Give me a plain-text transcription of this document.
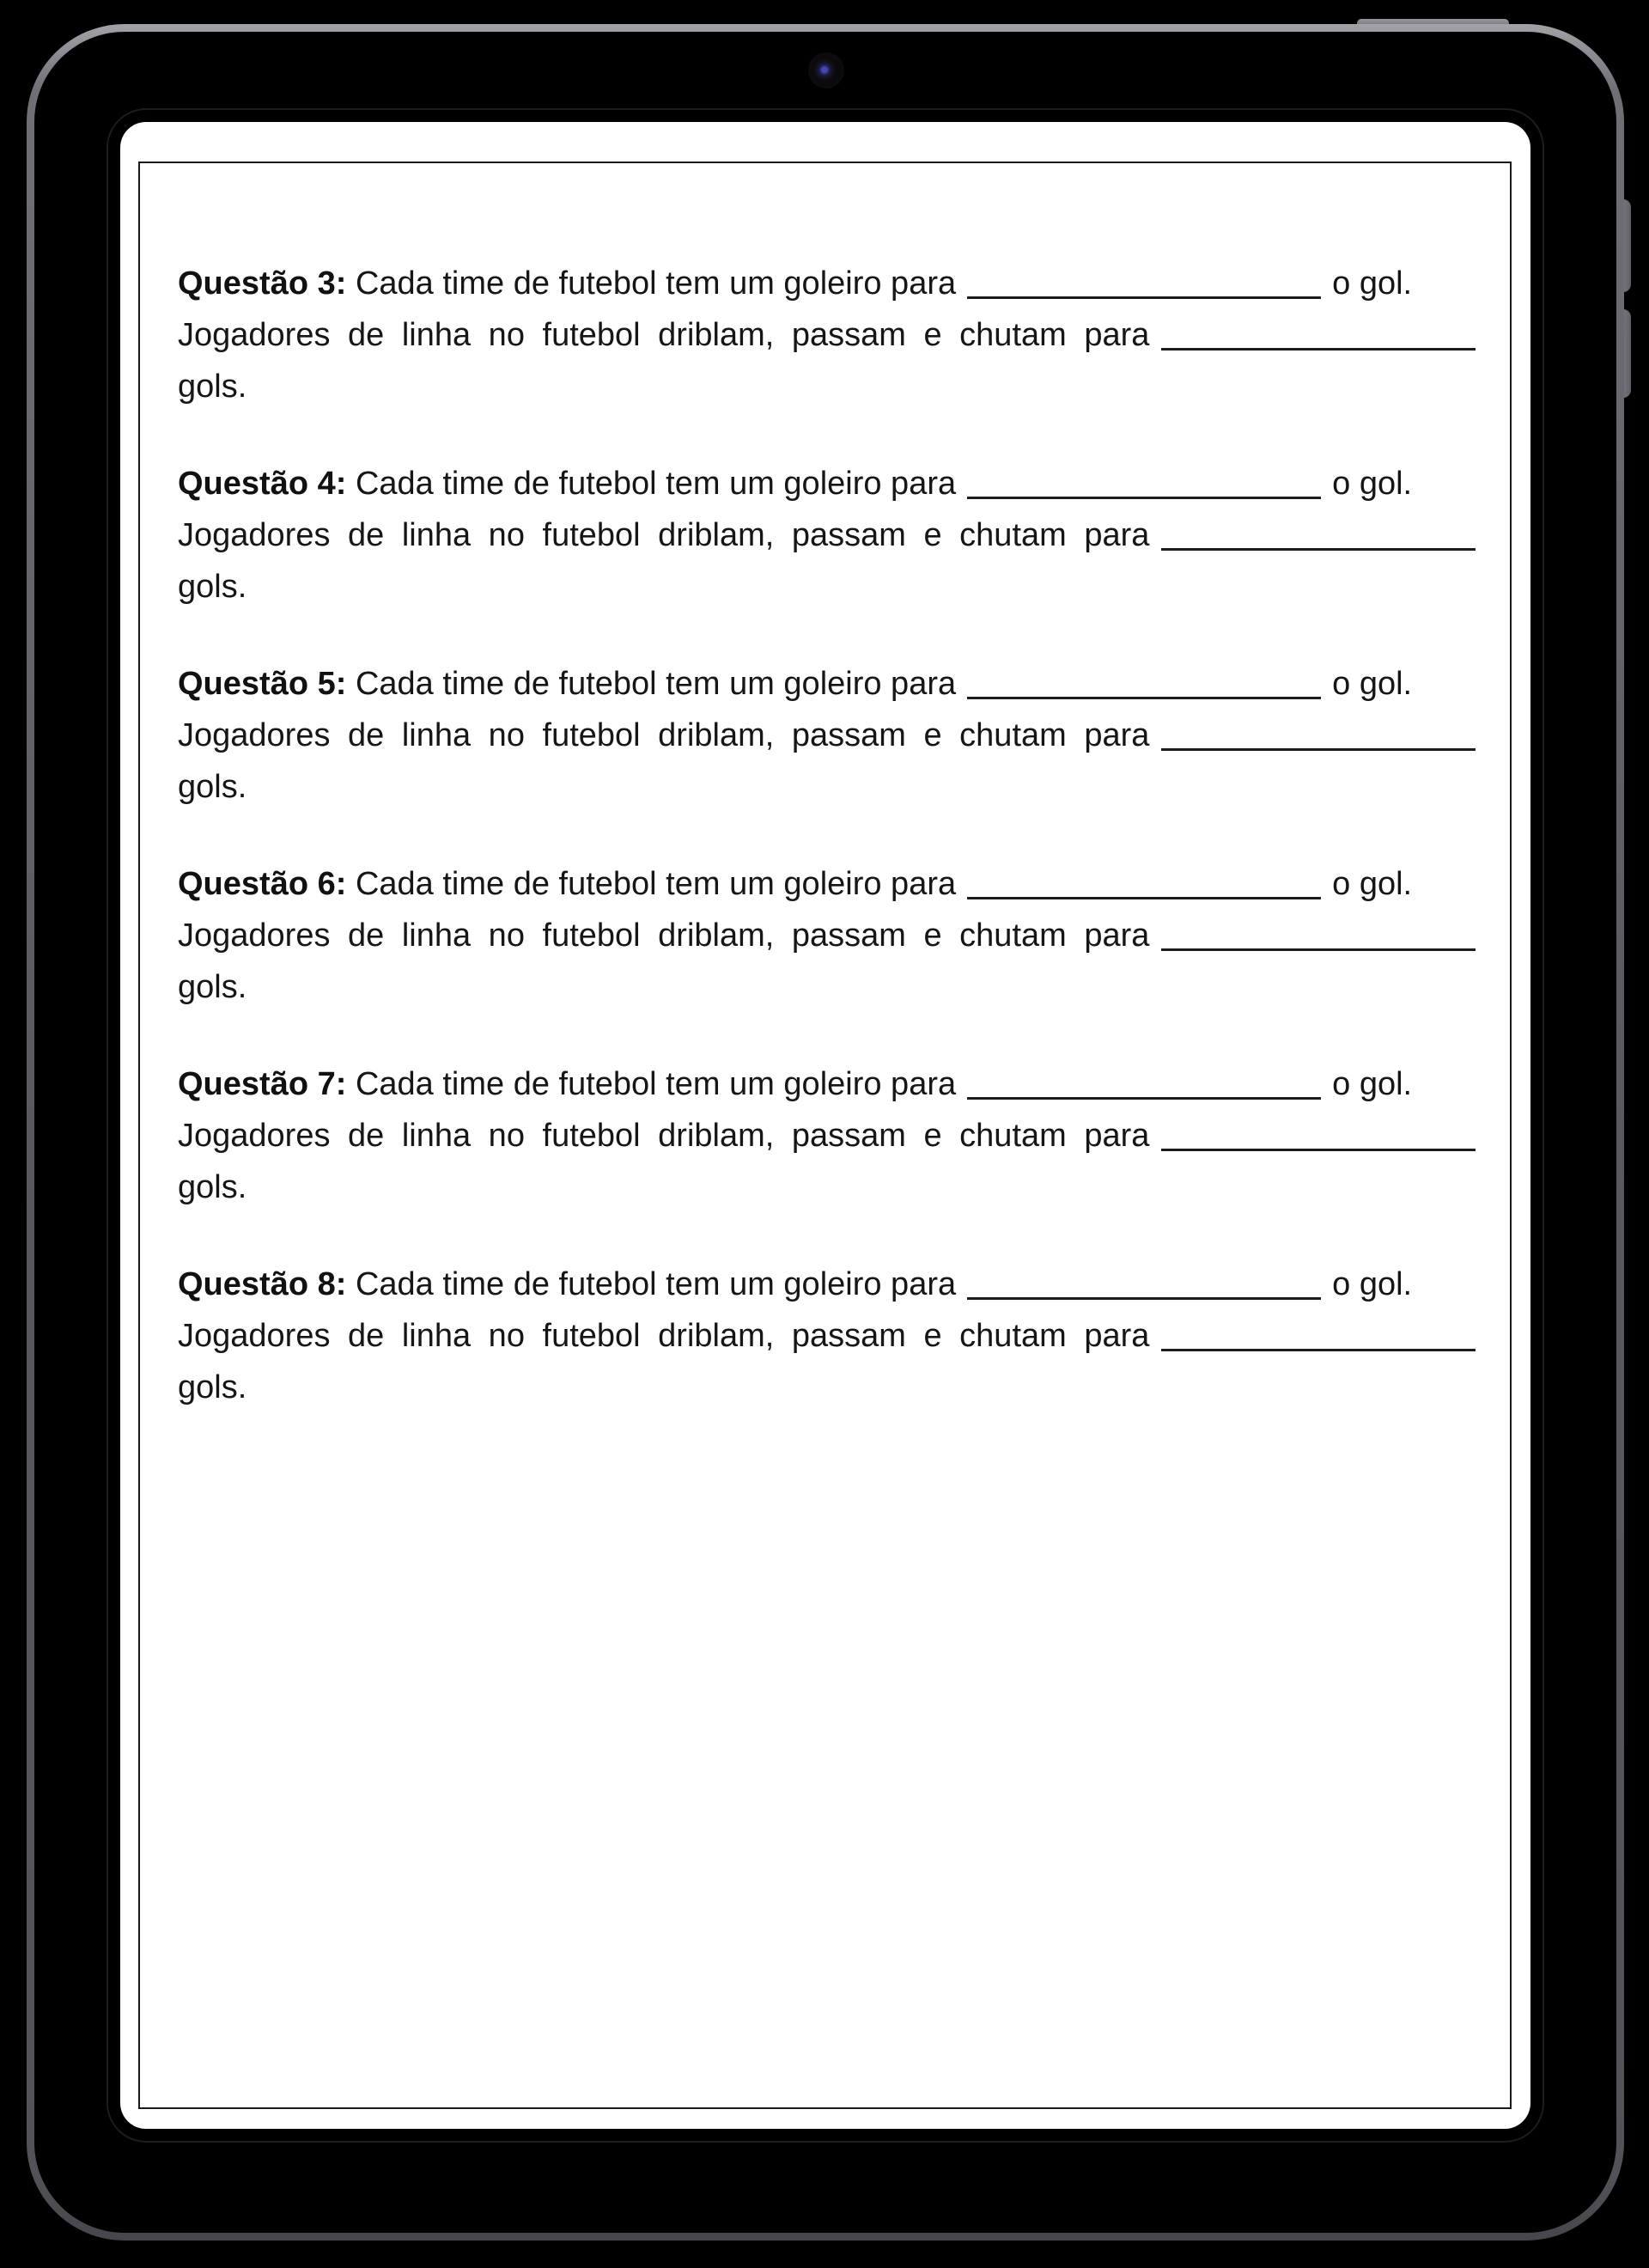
Questão 3: Cada time de futebol tem um goleiro para	o gol.
Jogadores de linha no futebol driblam, passam e chutam para
gols.
Questão 4: Cada time de futebol tem um goleiro para	o gol.
Jogadores de linha no futebol driblam, passam e chutam para
gols.
Questão 5: Cada time de futebol tem um goleiro para	o gol.
Jogadores de linha no futebol driblam, passam e chutam para
gols.
Questão 6: Cada time de futebol tem um goleiro para	o gol.
Jogadores de linha no futebol driblam, passam e chutam para
gols.
Questão 7: Cada time de futebol tem um goleiro para	o gol.
Jogadores de linha no futebol driblam, passam e chutam para
gols.
Questão 8: Cada time de futebol tem um goleiro para	o gol.
Jogadores de linha no futebol driblam, passam e chutam para
gols.
